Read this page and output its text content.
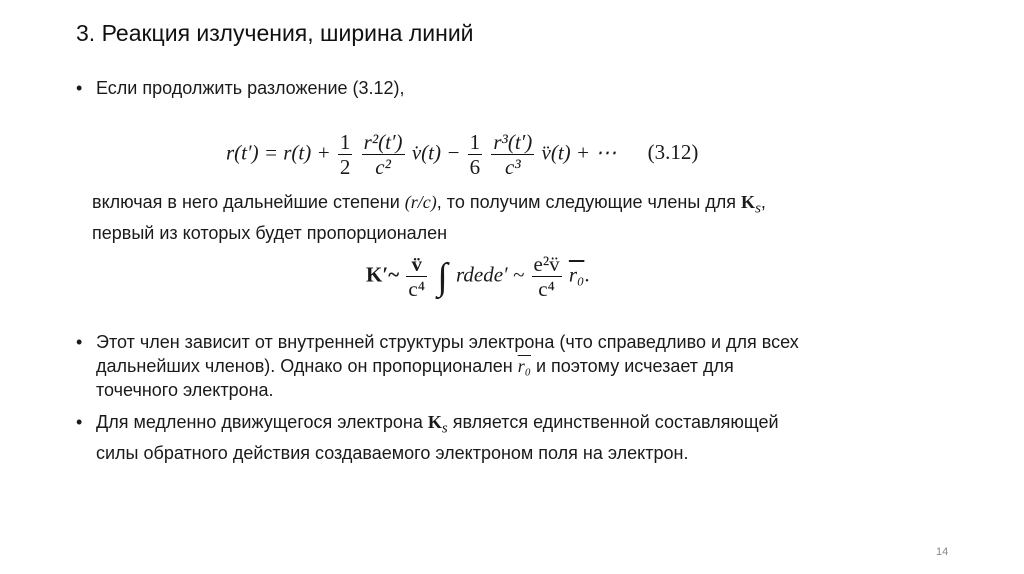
3. Реакция излучения, ширина линий
• Если продолжить разложение (3.12),
$r(t') = r(t) + \frac{1}{2}$
$\frac{\text{r²(t′)}}{\text{c²}}$ v̇(t) − $\frac{1}{6}$
$\frac{\text{r³(t′)}}{\text{c³}}$ v̈(t) + ⋯ (3.12)
включая в него дальнейшие степени (r/c), то получим следующие члены для $K_s$,
первый из которых будет пропорционален
K′~ $\frac{v̈}{\text{c⁴}}$ ∫ rdede′ ~ $\frac{\text{e²v̈}}{\text{c⁴}} r_0$.
• Этот член зависит от внутренней структуры электрона (что справедливо и для всех
дальнейших членов). Однако он пропорционален r₀ и поэтому исчезает для
точечного электрона.
• Для медленно движущегося электрона $K_s$ является единственной составляющей
силы обратного действия создаваемого электроном поля на электрон.
14
